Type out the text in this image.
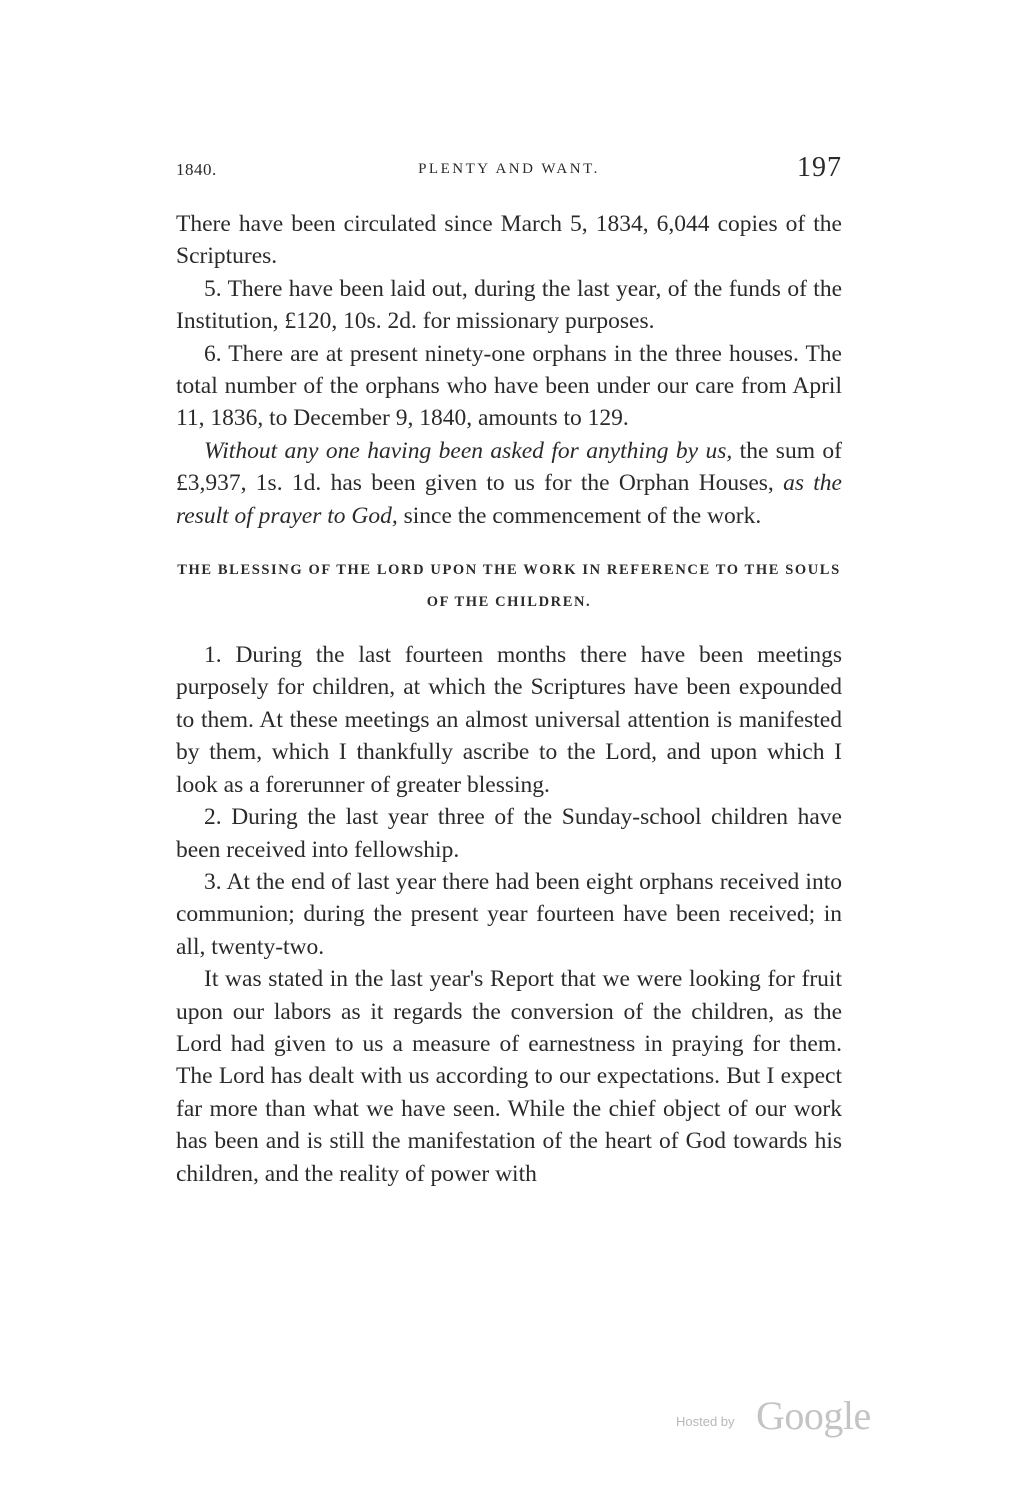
1840.	PLENTY AND WANT.	197

There have been circulated since March 5, 1834, 6,044 copies of the Scriptures.

5. There have been laid out, during the last year, of the funds of the Institution, £120, 10s. 2d. for missionary purposes.

6. There are at present ninety-one orphans in the three houses. The total number of the orphans who have been under our care from April 11, 1836, to December 9, 1840, amounts to 129.

Without any one having been asked for anything by us, the sum of £3,937, 1s. 1d. has been given to us for the Orphan Houses, as the result of prayer to God, since the commencement of the work.

THE BLESSING OF THE LORD UPON THE WORK IN REFERENCE TO THE SOULS OF THE CHILDREN.

1. During the last fourteen months there have been meetings purposely for children, at which the Scriptures have been expounded to them. At these meetings an almost universal attention is manifested by them, which I thankfully ascribe to the Lord, and upon which I look as a forerunner of greater blessing.

2. During the last year three of the Sunday-school children have been received into fellowship.

3. At the end of last year there had been eight orphans received into communion; during the present year fourteen have been received; in all, twenty-two.

It was stated in the last year's Report that we were looking for fruit upon our labors as it regards the conversion of the children, as the Lord had given to us a measure of earnestness in praying for them. The Lord has dealt with us according to our expectations. But I expect far more than what we have seen. While the chief object of our work has been and is still the manifestation of the heart of God towards his children, and the reality of power with

Hosted by Google
